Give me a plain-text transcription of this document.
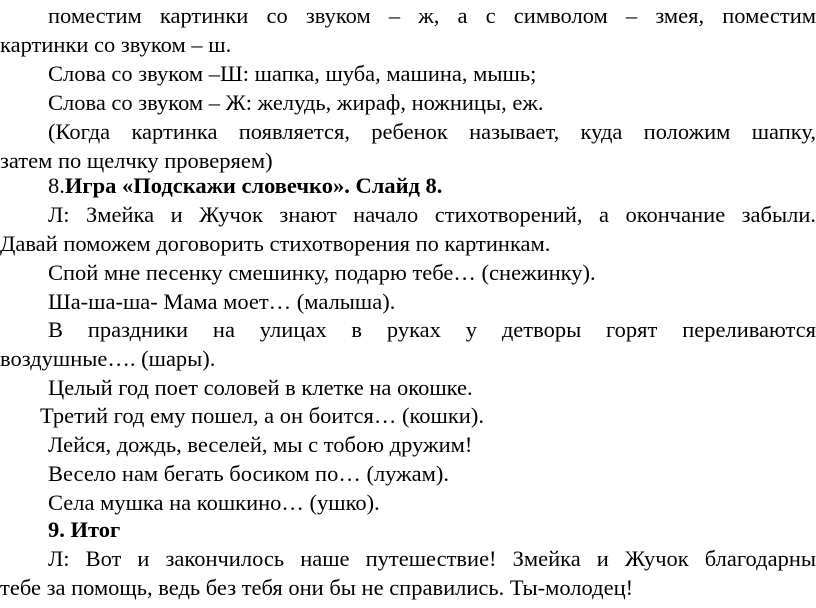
поместим картинки со звуком – ж, а с символом – змея, поместим
картинки со звуком – ш.
Слова со звуком –Ш: шапка, шуба, машина, мышь;
Слова со звуком – Ж: желудь, жираф, ножницы, еж.
(Когда картинка появляется, ребенок называет, куда положим шапку,
затем по щелчку проверяем)
8.Игра «Подскажи словечко». Слайд 8.
Л: Змейка и Жучок знают начало стихотворений, а окончание забыли.
Давай поможем договорить стихотворения по картинкам.
Спой мне песенку смешинку, подарю тебе… (снежинку).
Ша-ша-ша- Мама моет… (малыша).
В праздники на улицах в руках у детворы горят переливаются
воздушные…. (шары).
Целый год поет соловей в клетке на окошке.
Третий год ему пошел, а он боится… (кошки).
Лейся, дождь, веселей, мы с тобою дружим!
Весело нам бегать босиком по… (лужам).
Села мушка на кошкино… (ушко).
9. Итог
Л: Вот и закончилось наше путешествие! Змейка и Жучок благодарны
тебе за помощь, ведь без тебя они бы не справились. Ты-молодец!
